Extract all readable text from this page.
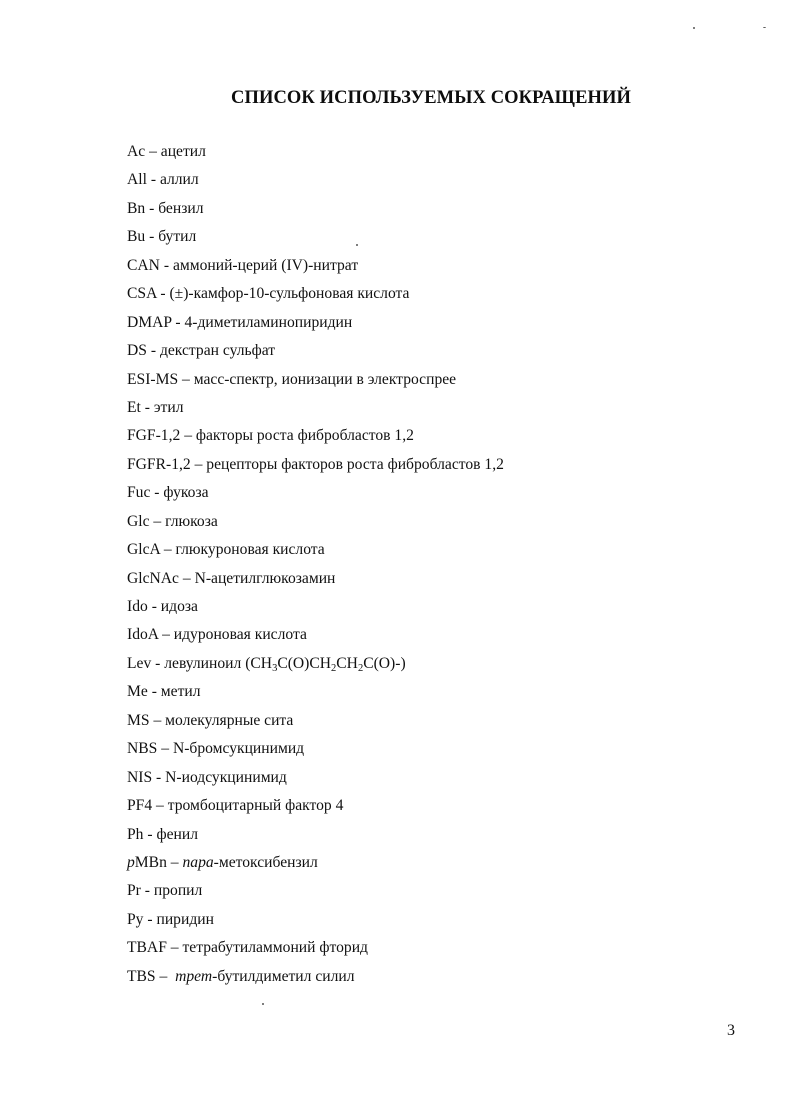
СПИСОК ИСПОЛЬЗУЕМЫХ СОКРАЩЕНИЙ
Ac – ацетил
All - аллил
Bn - бензил
Bu - бутил
CAN - аммоний-церий (IV)-нитрат
CSA - (±)-камфор-10-сульфоновая кислота
DMAP - 4-диметиламинопиридин
DS - декстран сульфат
ESI-MS – масс-спектр, ионизации в электроспрее
Et - этил
FGF-1,2 – факторы роста фибробластов 1,2
FGFR-1,2 – рецепторы факторов роста фибробластов 1,2
Fuc - фукоза
Glc – глюкоза
GlcA – глюкуроновая кислота
GlcNAc – N-ацетилглюкозамин
Ido - идоза
IdoA – идуроновая кислота
Lev - левулиноил $(CH_3C(O)CH_2CH_2C(O)-)$
Me - метил
MS – молекулярные сита
NBS – N-бромсукцинимид
NIS - N-иодсукцинимид
PF4 – тромбоцитарный фактор 4
Ph - фенил
pMBn – пара-метоксибензил
Pr - пропил
Py - пиридин
TBAF – тетрабутиламмоний фторид
TBS –  трет-бутилдиметил силил
3
